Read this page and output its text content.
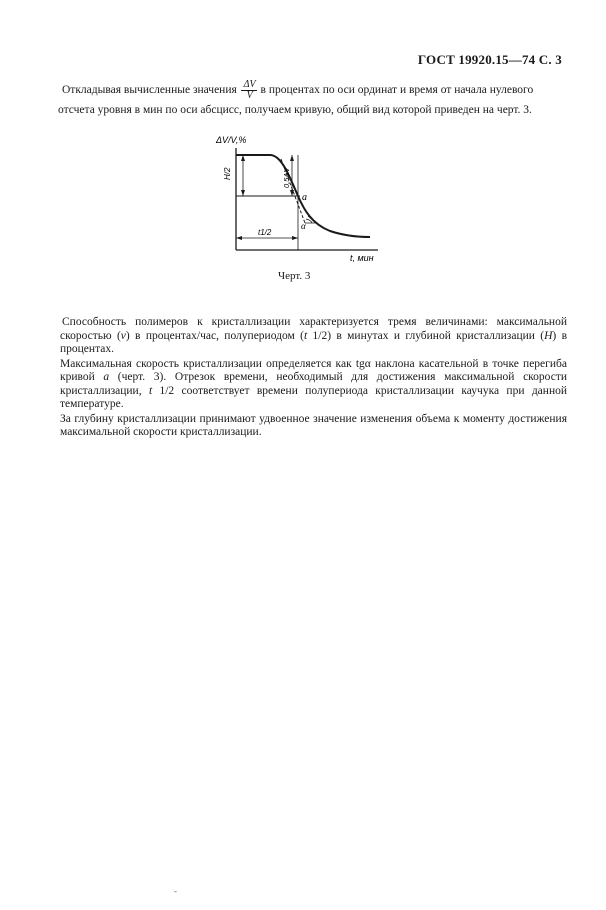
ГОСТ 19920.15—74 С. 3

Откладывая вычисленные значения $\frac{\Delta V}{V}$ в процентах по оси ординат и время от начала нулевого

отсчета уровня в мин по оси абсцисс, получаем кривую, общий вид которой приведен на черт. 3.

ΔV/V,%
t, мин
H/2	0,5ΔV
a
t1/2
α
Черт. 3

Способность полимеров к кристаллизации характеризуется тремя величинами: максимальной скоростью (v) в процентах/час, полупериодом (t 1/2) в минутах и глубиной кристаллизации (H) в процентах.

Максимальная скорость кристаллизации определяется как tgα наклона касательной в точке перегиба кривой a (черт. 3). Отрезок времени, необходимый для достижения максимальной скорости кристаллизации, t 1/2 соответствует времени полупериода кристаллизации каучука при данной температуре.

За глубину кристаллизации принимают удвоенное значение изменения объема к моменту достижения максимальной скорости кристаллизации.

-
